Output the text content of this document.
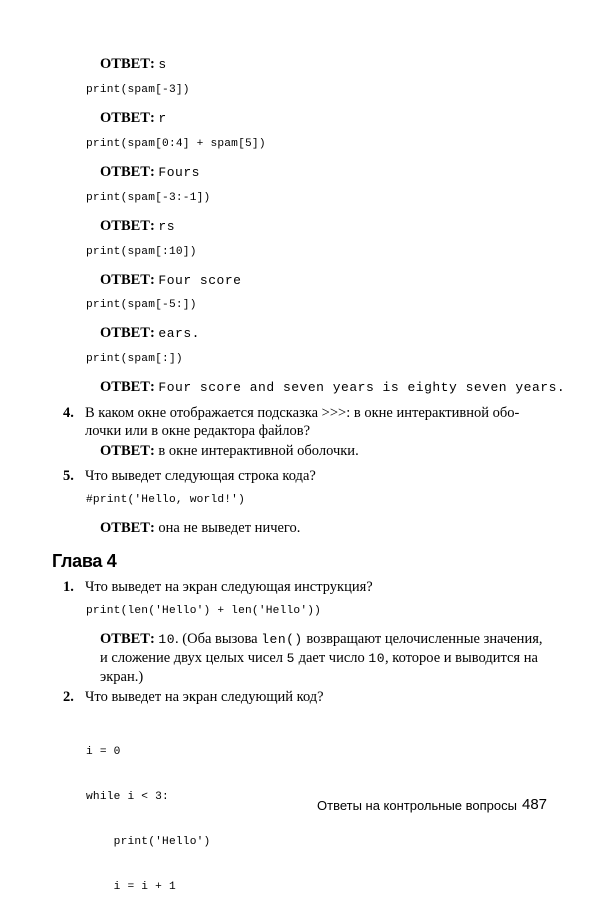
ОТВЕТ: s

print(spam[-3])

ОТВЕТ: r

print(spam[0:4] + spam[5])

ОТВЕТ: Fours

print(spam[-3:-1])

ОТВЕТ: rs

print(spam[:10])

ОТВЕТ: Four score

print(spam[-5:])

ОТВЕТ: ears.

print(spam[:])

ОТВЕТ: Four score and seven years is eighty seven years.

4. В каком окне отображается подсказка >>>: в окне интерактивной обо-
лочки или в окне редактора файлов?

ОТВЕТ: в окне интерактивной оболочки.

5. Что выведет следующая строка кода?

#print('Hello, world!')

ОТВЕТ: она не выведет ничего.

Глава 4
1. Что выведет на экран следующая инструкция?

print(len('Hello') + len('Hello'))

ОТВЕТ: 10. (Оба вызова len() возвращают целочисленные значения,
и сложение двух целых чисел 5 дает число 10, которое и выводится на
экран.)
2. Что выведет на экран следующий код?

i = 0

while i < 3:

print('Hello')

i = i + 1

Ответы на контрольные вопросы 487
